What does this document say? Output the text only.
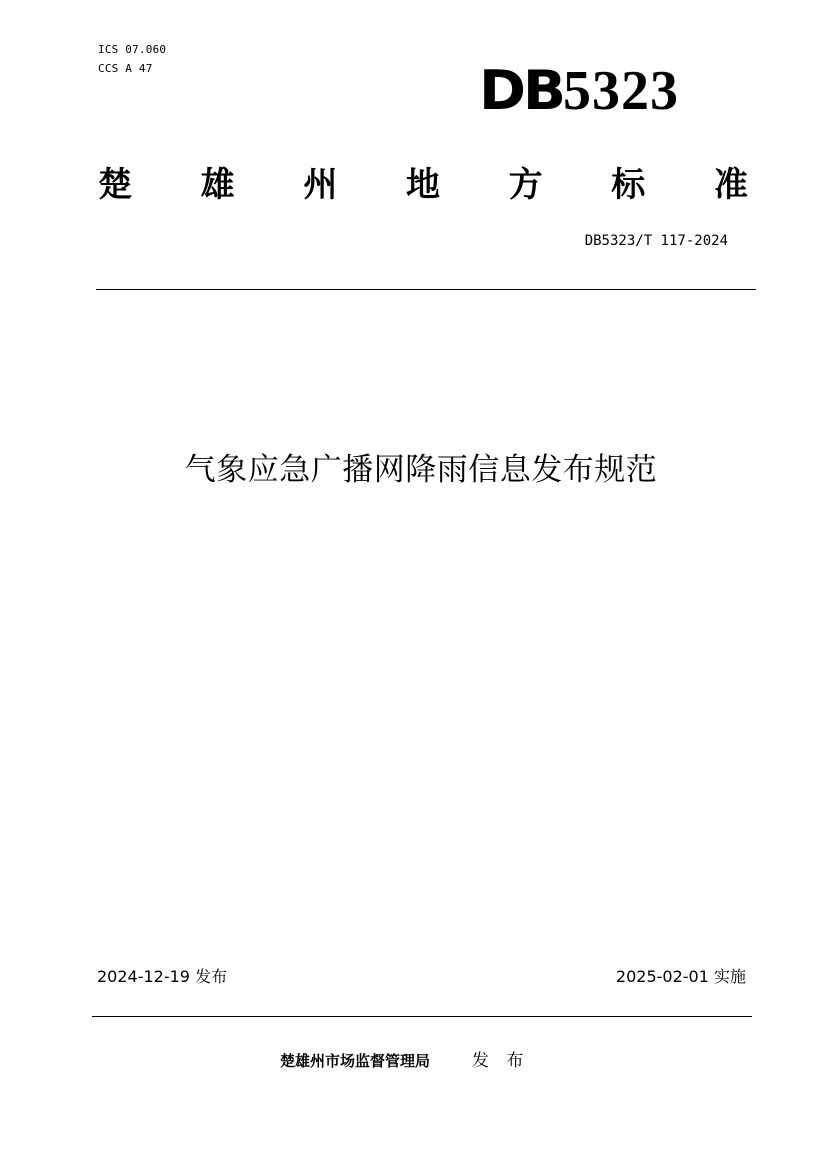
ICS 07.060
CCS A 47	DB 5323
楚 雄 州 地 方 标 准
DB5323/T 117-2024
气象应急广播网降雨信息发布规范
2024-12-19 发布	2025-02-01 实施
楚雄州市场监督管理局 发 布
